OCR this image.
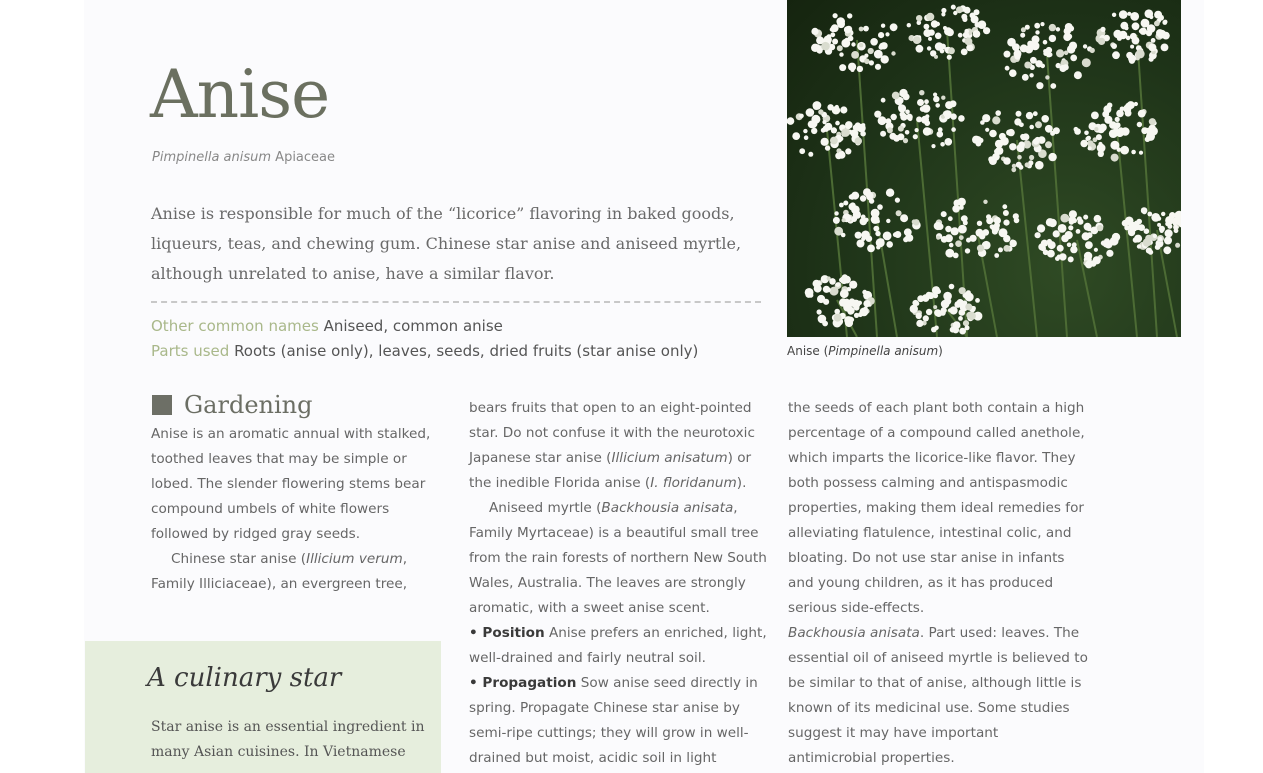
Anise
Pimpinella anisum Apiaceae
Anise is responsible for much of the “licorice” flavoring in baked goods, liqueurs, teas, and chewing gum. Chinese star anise and aniseed myrtle, although unrelated to anise, have a similar flavor.
Other common names Aniseed, common anise
Parts used Roots (anise only), leaves, seeds, dried fruits (star anise only)	Anise (Pimpinella anisum)
Gardening

Anise is an aromatic annual with stalked, toothed leaves that may be simple or lobed. The slender flowering stems bear compound umbels of white flowers followed by ridged gray seeds.

Chinese star anise (Illicium verum, Family Illiciaceae), an evergreen tree,

bears fruits that open to an eight-pointed star. Do not confuse it with the neurotoxic Japanese star anise (Illicium anisatum) or the inedible Florida anise (I. floridanum).

Aniseed myrtle (Backhousia anisata, Family Myrtaceae) is a beautiful small tree from the rain forests of northern New South Wales, Australia. The leaves are strongly aromatic, with a sweet anise scent.

• Position Anise prefers an enriched, light, well-drained and fairly neutral soil.

• Propagation Sow anise seed directly in spring. Propagate Chinese star anise by semi-ripe cuttings; they will grow in well-drained but moist, acidic soil in light

the seeds of each plant both contain a high percentage of a compound called anethole, which imparts the licorice-like flavor. They both possess calming and antispasmodic properties, making them ideal remedies for alleviating flatulence, intestinal colic, and bloating. Do not use star anise in infants and young children, as it has produced serious side-effects.

Backhousia anisata. Part used: leaves. The essential oil of aniseed myrtle is believed to be similar to that of anise, although little is known of its medicinal use. Some studies suggest it may have important antimicrobial properties.

A culinary star
Star anise is an essential ingredient in many Asian cuisines. In Vietnamese
